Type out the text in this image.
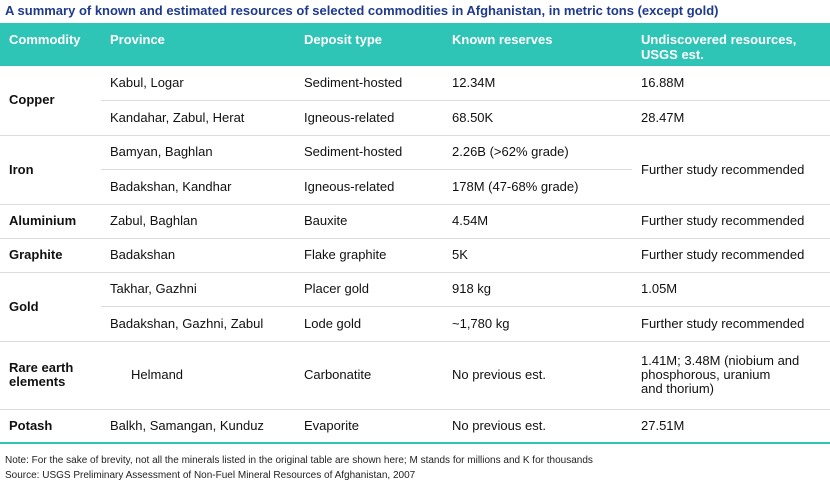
A summary of known and estimated resources of selected commodities in Afghanistan, in metric tons (except gold)
Commodity	Province	Deposit type	Known reserves	Undiscovered resources,
USGS est.
Copper	Kabul, Logar	Sediment-hosted	12.34M	16.88M
	Kandahar, Zabul, Herat	Igneous-related	68.50K	28.47M
Iron	Bamyan, Baghlan	Sediment-hosted	2.26B (>62% grade)	Further study recommended
	Badakshan, Kandhar	Igneous-related	178M (47-68% grade)	
Aluminium	Zabul, Baghlan	Bauxite	4.54M	Further study recommended
Graphite	Badakshan	Flake graphite	5K	Further study recommended
Gold	Takhar, Gazhni	Placer gold	918 kg	1.05M
	Badakshan, Gazhni, Zabul	Lode gold	~1,780 kg	Further study recommended
Rare earth
elements	Helmand	Carbonatite	No previous est.	1.41M; 3.48M (niobium and
phosphorous, uranium
and thorium)
Potash	Balkh, Samangan, Kunduz	Evaporite	No previous est.	27.51M
Note: For the sake of brevity, not all the minerals listed in the original table are shown here; M stands for millions and K for thousands
Source: USGS Preliminary Assessment of Non-Fuel Mineral Resources of Afghanistan, 2007
